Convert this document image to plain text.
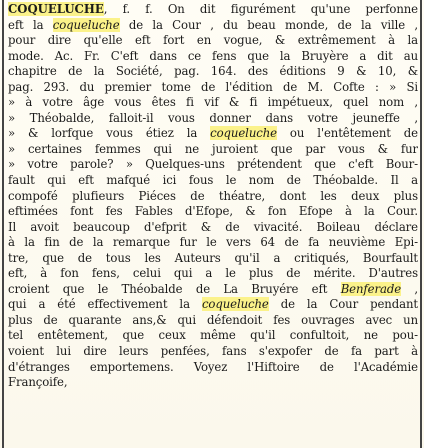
COQUELUCHE, f. f. On dit figurément qu'une perfonne
eft la coqueluche de la Cour , du beau monde, de la ville ,
pour dire qu'elle eft fort en vogue, & extrêmement à la
mode. Ac. Fr. C'eft dans ce fens que la Bruyère a dit au
chapitre de la Société, pag. 164. des éditions 9 & 10, &
pag. 293. du premier tome de l'édition de M. Cofte : » Si
» à votre âge vous êtes fi vif & fi impétueux, quel nom ,
» Théobalde, falloit-il vous donner dans votre jeuneffe ,
» & lorfque vous étiez la coqueluche ou l'entêtement de
» certaines femmes qui ne juroient que par vous & fur
» votre parole? » Quelques-uns prétendent que c'eft Bour-
fault qui eft mafqué ici fous le nom de Théobalde. Il a
compofé plufieurs Piéces de théatre, dont les deux plus
eftimées font fes Fables d'Efope, & fon Efope à la Cour.
Il avoit beaucoup d'efprit & de vivacité. Boileau déclare
à la fin de la remarque fur le vers 64 de fa neuvième Epi-
tre, que de tous les Auteurs qu'il a critiqués, Bourfault
eft, à fon fens, celui qui a le plus de mérite. D'autres
croient que le Théobalde de La Bruyére eft Benferade ,
qui a été effectivement la coqueluche de la Cour pendant
plus de quarante ans,& qui défendoit fes ouvrages avec un
tel entêtement, que ceux même qu'il confultoit, ne pou-
voient lui dire leurs penfées, fans s'expofer de fa part à
d'étranges emportemens. Voyez l'Hiftoire de l'Académie
Françoife,
